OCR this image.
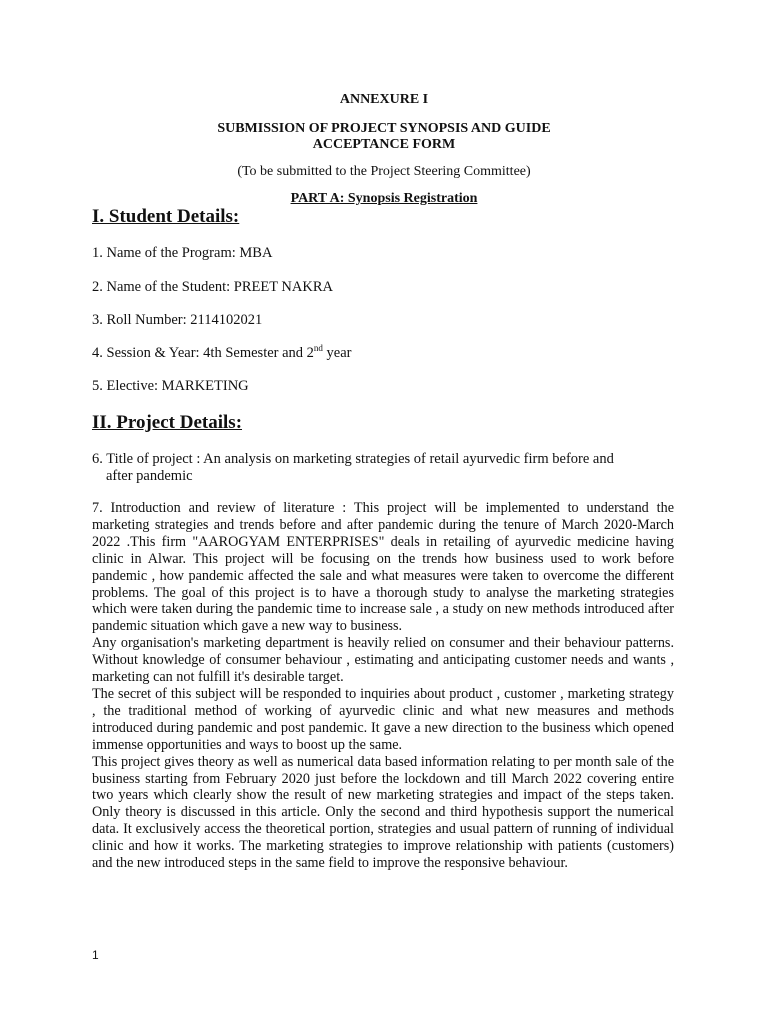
ANNEXURE I
SUBMISSION OF PROJECT SYNOPSIS AND GUIDE
ACCEPTANCE FORM
(To be submitted to the Project Steering Committee)
PART A: Synopsis Registration
I. Student Details:
1. Name of the Program: MBA
2. Name of the Student: PREET NAKRA
3. Roll Number: 2114102021
4. Session & Year: 4th Semester and 2nd year
5. Elective: MARKETING
II. Project Details:
6. Title of project : An analysis on marketing strategies of retail ayurvedic firm before and
after pandemic

7. Introduction and review of literature : This project will be implemented to understand the marketing strategies and trends before and after pandemic during the tenure of March 2020-March 2022 .This firm "AAROGYAM ENTERPRISES" deals in retailing of ayurvedic medicine having clinic in Alwar. This project will be focusing on the trends how business used to work before pandemic , how pandemic affected the sale and what measures were taken to overcome the different problems. The goal of this project is to have a thorough study to analyse the marketing strategies which were taken during the pandemic time to increase sale , a study on new methods introduced after pandemic situation which gave a new way to business.

Any organisation's marketing department is heavily relied on consumer and their behaviour patterns. Without knowledge of consumer behaviour , estimating and anticipating customer needs and wants , marketing can not fulfill it's desirable target.

The secret of this subject will be responded to inquiries about product , customer , marketing strategy , the traditional method of working of ayurvedic clinic and what new measures and methods introduced during pandemic and post pandemic. It gave a new direction to the business which opened immense opportunities and ways to boost up the same.

This project gives theory as well as numerical data based information relating to per month sale of the business starting from February 2020 just before the lockdown and till March 2022 covering entire two years which clearly show the result of new marketing strategies and impact of the steps taken. Only theory is discussed in this article. Only the second and third hypothesis support the numerical data. It exclusively access the theoretical portion, strategies and usual pattern of running of individual clinic and how it works. The marketing strategies to improve relationship with patients (customers) and the new introduced steps in the same field to improve the responsive behaviour.

1
